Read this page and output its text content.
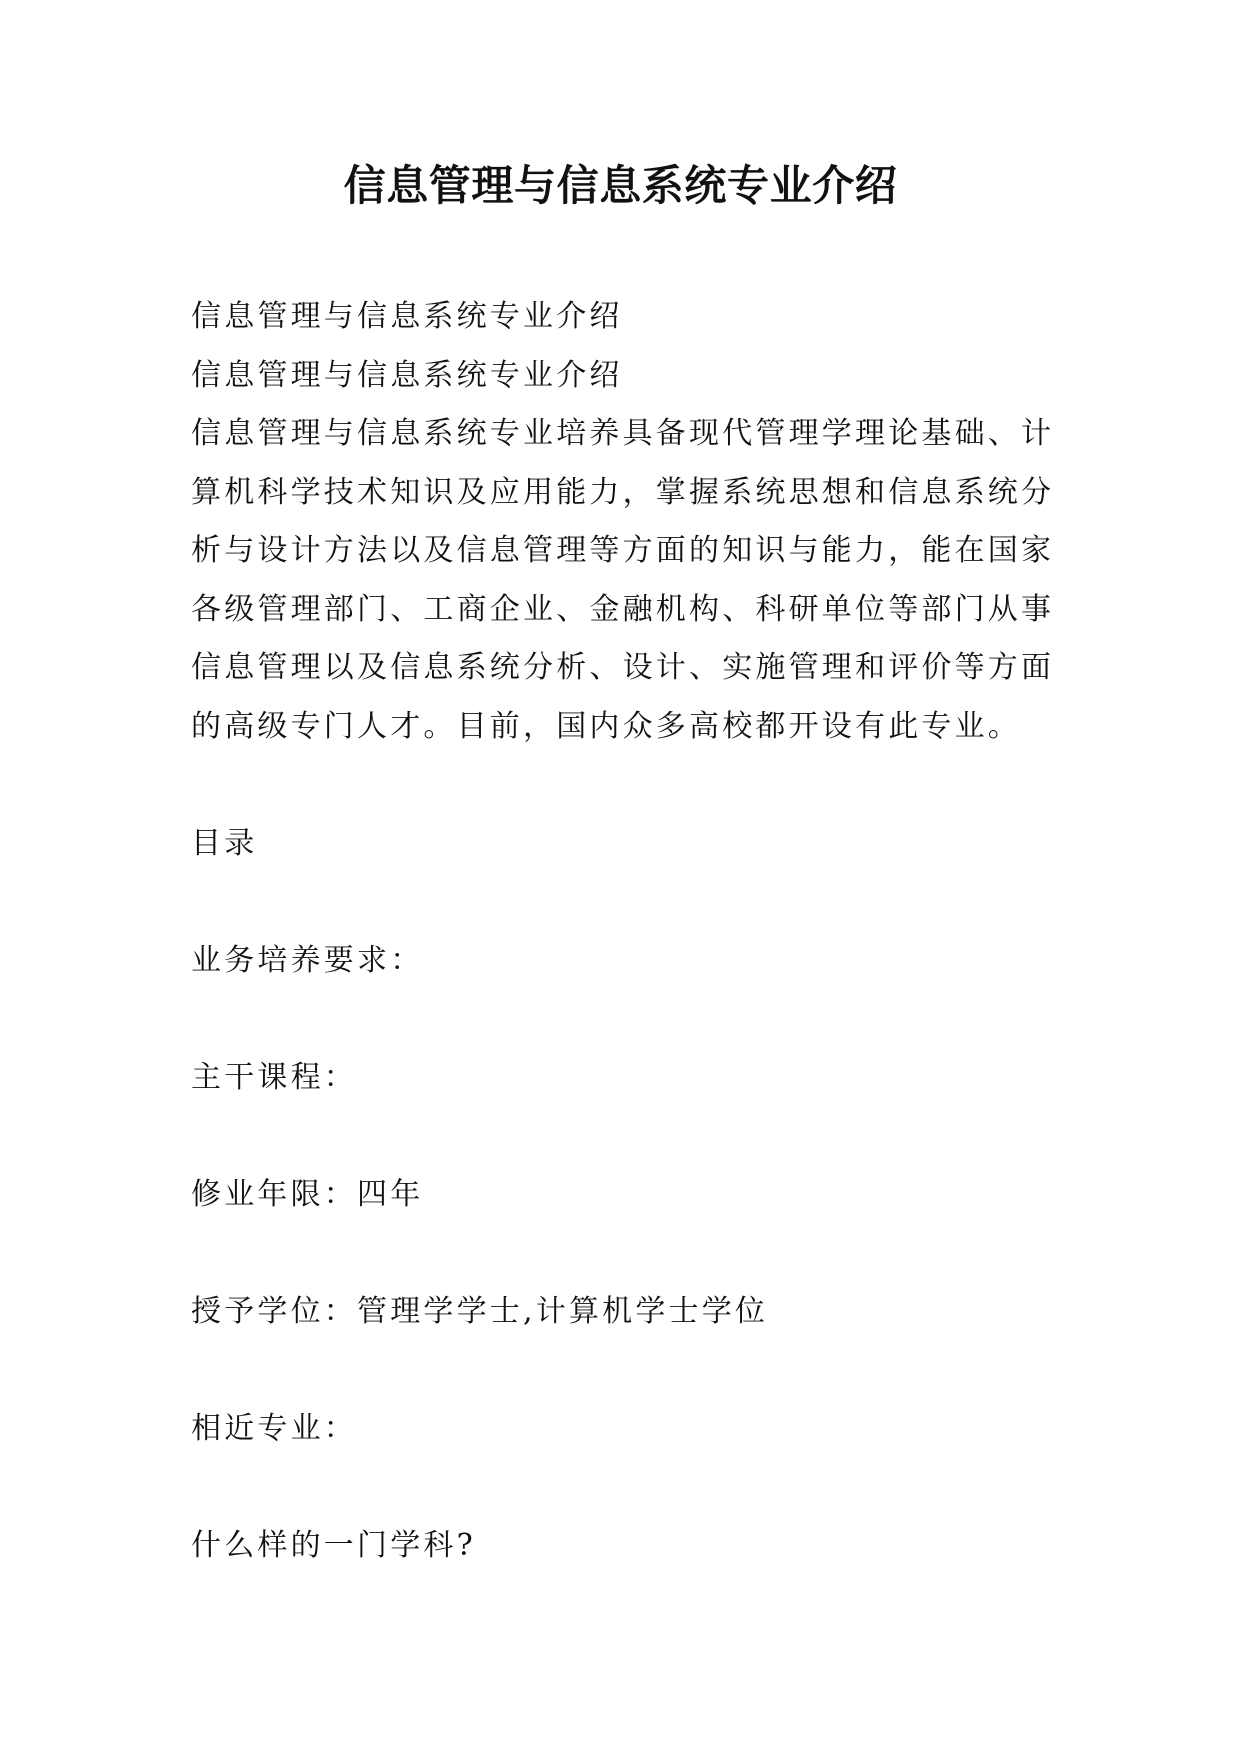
信息管理与信息系统专业介绍
信息管理与信息系统专业介绍
信息管理与信息系统专业介绍
信息管理与信息系统专业培养具备现代管理学理论基础、计
算机科学技术知识及应用能力，掌握系统思想和信息系统分
析与设计方法以及信息管理等方面的知识与能力，能在国家
各级管理部门、工商企业、金融机构、科研单位等部门从事
信息管理以及信息系统分析、设计、实施管理和评价等方面
的高级专门人才。目前，国内众多高校都开设有此专业。
目录
业务培养要求：
主干课程：
修业年限：四年
授予学位：管理学学士,计算机学士学位
相近专业：
什么样的一门学科?
